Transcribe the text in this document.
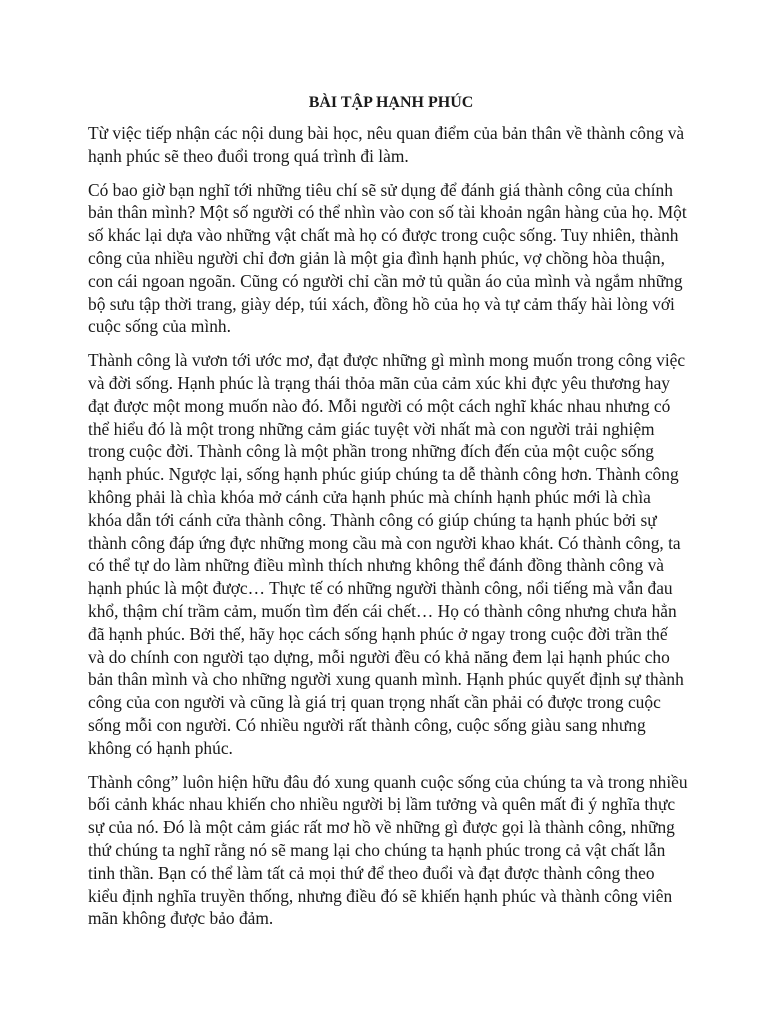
BÀI TẬP HẠNH PHÚC

Từ việc tiếp nhận các nội dung bài học, nêu quan điểm của bản thân về thành công và hạnh phúc sẽ theo đuổi trong quá trình đi làm.

Có bao giờ bạn nghĩ tới những tiêu chí sẽ sử dụng để đánh giá thành công của chính bản thân mình? Một số người có thể nhìn vào con số tài khoản ngân hàng của họ. Một số khác lại dựa vào những vật chất mà họ có được trong cuộc sống. Tuy nhiên, thành công của nhiều người chỉ đơn giản là một gia đình hạnh phúc, vợ chồng hòa thuận, con cái ngoan ngoãn. Cũng có người chỉ cần mở tủ quần áo của mình và ngắm những bộ sưu tập thời trang, giày dép, túi xách, đồng hồ của họ và tự cảm thấy hài lòng với cuộc sống của mình.

Thành công là vươn tới ước mơ, đạt được những gì mình mong muốn trong công việc và đời sống. Hạnh phúc là trạng thái thỏa mãn của cảm xúc khi đực yêu thương hay đạt được một mong muốn nào đó. Mỗi người có một cách nghĩ khác nhau nhưng có thể hiểu đó là một trong những cảm giác tuyệt vời nhất mà con người trải nghiệm trong cuộc đời. Thành công là một phần trong những đích đến của một cuộc sống hạnh phúc. Ngược lại, sống hạnh phúc giúp chúng ta dễ thành công hơn. Thành công không phải là chìa khóa mở cánh cửa hạnh phúc mà chính hạnh phúc mới là chìa khóa dẫn tới cánh cửa thành công. Thành công có giúp chúng ta hạnh phúc bởi sự thành công đáp ứng đực những mong cầu mà con người khao khát. Có thành công, ta có thể tự do làm những điều mình thích nhưng không thể đánh đồng thành công và hạnh phúc là một được… Thực tế có những người thành công, nổi tiếng mà vẫn đau khổ, thậm chí trầm cảm, muốn tìm đến cái chết… Họ có thành công nhưng chưa hẳn đã hạnh phúc. Bởi thế, hãy học cách sống hạnh phúc ở ngay trong cuộc đời trần thế và do chính con người tạo dựng, mỗi người đều có khả năng đem lại hạnh phúc cho bản thân mình và cho những người xung quanh mình. Hạnh phúc quyết định sự thành công của con người và cũng là giá trị quan trọng nhất cần phải có được trong cuộc sống mỗi con người. Có nhiều người rất thành công, cuộc sống giàu sang nhưng không có hạnh phúc.

Thành công” luôn hiện hữu đâu đó xung quanh cuộc sống của chúng ta và trong nhiều bối cảnh khác nhau khiến cho nhiều người bị lầm tưởng và quên mất đi ý nghĩa thực sự của nó. Đó là một cảm giác rất mơ hồ về những gì được gọi là thành công, những thứ chúng ta nghĩ rằng nó sẽ mang lại cho chúng ta hạnh phúc trong cả vật chất lẫn tinh thần. Bạn có thể làm tất cả mọi thứ để theo đuổi và đạt được thành công theo kiểu định nghĩa truyền thống, nhưng điều đó sẽ khiến hạnh phúc và thành công viên mãn không được bảo đảm.
